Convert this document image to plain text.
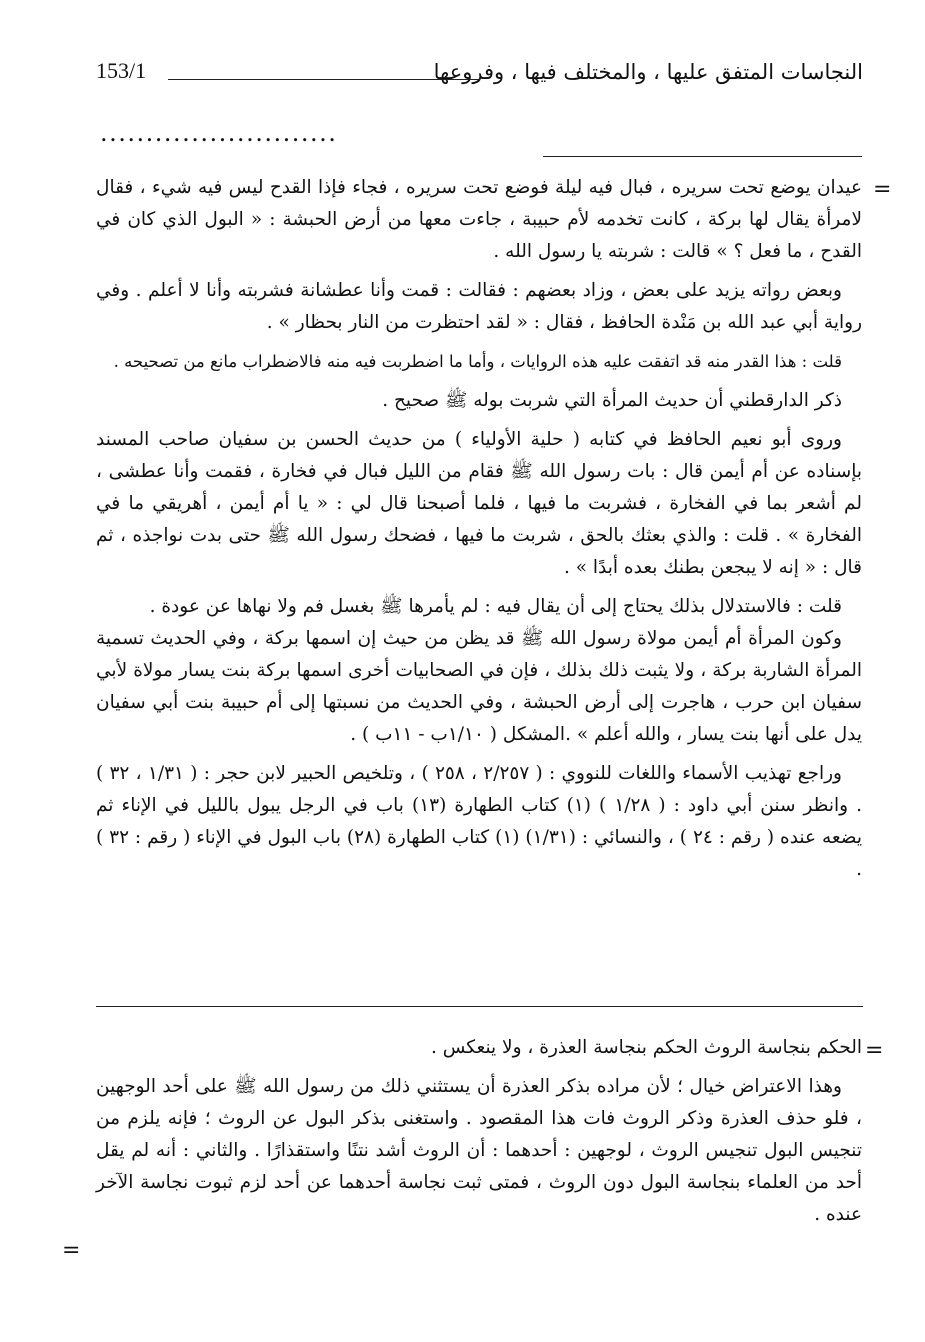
النجاسات المتفق عليها ، والمختلف فيها ، وفروعها
153/1
..........................
=
=
=

عيدان يوضع تحت سريره ، فبال فيه ليلة فوضع تحت سريره ، فجاء فإذا القدح ليس فيه شيء ، فقال لامرأة يقال لها بركة ، كانت تخدمه لأم حبيبة ، جاءت معها من أرض الحبشة : « البول الذي كان في القدح ، ما فعل ؟ » قالت : شربته يا رسول الله .

وبعض رواته يزيد على بعض ، وزاد بعضهم : فقالت : قمت وأنا عطشانة فشربته وأنا لا أعلم . وفي رواية أبي عبد الله بن مَنْدة الحافظ ، فقال : « لقد احتظرت من النار بحظار » .

قلت : هذا القدر منه قد اتفقت عليه هذه الروايات ، وأما ما اضطربت فيه منه فالاضطراب مانع من تصحيحه .

ذكر الدارقطني أن حديث المرأة التي شربت بوله ﷺ صحيح .

وروى أبو نعيم الحافظ في كتابه ( حلية الأولياء ) من حديث الحسن بن سفيان صاحب المسند بإسناده عن أم أيمن قال : بات رسول الله ﷺ فقام من الليل فبال في فخارة ، فقمت وأنا عطشى ، لم أشعر بما في الفخارة ، فشربت ما فيها ، فلما أصبحنا قال لي : « يا أم أيمن ، أهريقي ما في الفخارة » . قلت : والذي بعثك بالحق ، شربت ما فيها ، فضحك رسول الله ﷺ حتى بدت نواجذه ، ثم قال : « إنه لا يبجعن بطنك بعده أبدًا » .

قلت : فالاستدلال بذلك يحتاج إلى أن يقال فيه : لم يأمرها ﷺ بغسل فم ولا نهاها عن عودة .

وكون المرأة أم أيمن مولاة رسول الله ﷺ قد يظن من حيث إن اسمها بركة ، وفي الحديث تسمية المرأة الشاربة بركة ، ولا يثبت ذلك بذلك ، فإن في الصحابيات أخرى اسمها بركة بنت يسار مولاة لأبي سفيان ابن حرب ، هاجرت إلى أرض الحبشة ، وفي الحديث من نسبتها إلى أم حبيبة بنت أبي سفيان يدل على أنها بنت يسار ، والله أعلم » .المشكل ( ١/١٠ب - ١١ب ) .

وراجع تهذيب الأسماء واللغات للنووي : ( ٢/٢٥٧ ، ٢٥٨ ) ، وتلخيص الحبير لابن حجر : ( ١/٣١ ، ٣٢ ) . وانظر سنن أبي داود : ( ١/٢٨ ) (١) كتاب الطهارة (١٣) باب في الرجل يبول بالليل في الإناء ثم يضعه عنده ( رقم : ٢٤ ) ، والنسائي : (١/٣١) (١) كتاب الطهارة (٢٨) باب البول في الإناء ( رقم : ٣٢ ) .

الحكم بنجاسة الروث الحكم بنجاسة العذرة ، ولا ينعكس .

وهذا الاعتراض خيال ؛ لأن مراده بذكر العذرة أن يستثني ذلك من رسول الله ﷺ على أحد الوجهين ، فلو حذف العذرة وذكر الروث فات هذا المقصود . واستغنى بذكر البول عن الروث ؛ فإنه يلزم من تنجيس البول تنجيس الروث ، لوجهين : أحدهما : أن الروث أشد نتنًا واستقذارًا . والثاني : أنه لم يقل أحد من العلماء بنجاسة البول دون الروث ، فمتى ثبت نجاسة أحدهما عن أحد لزم ثبوت نجاسة الآخر عنده .
